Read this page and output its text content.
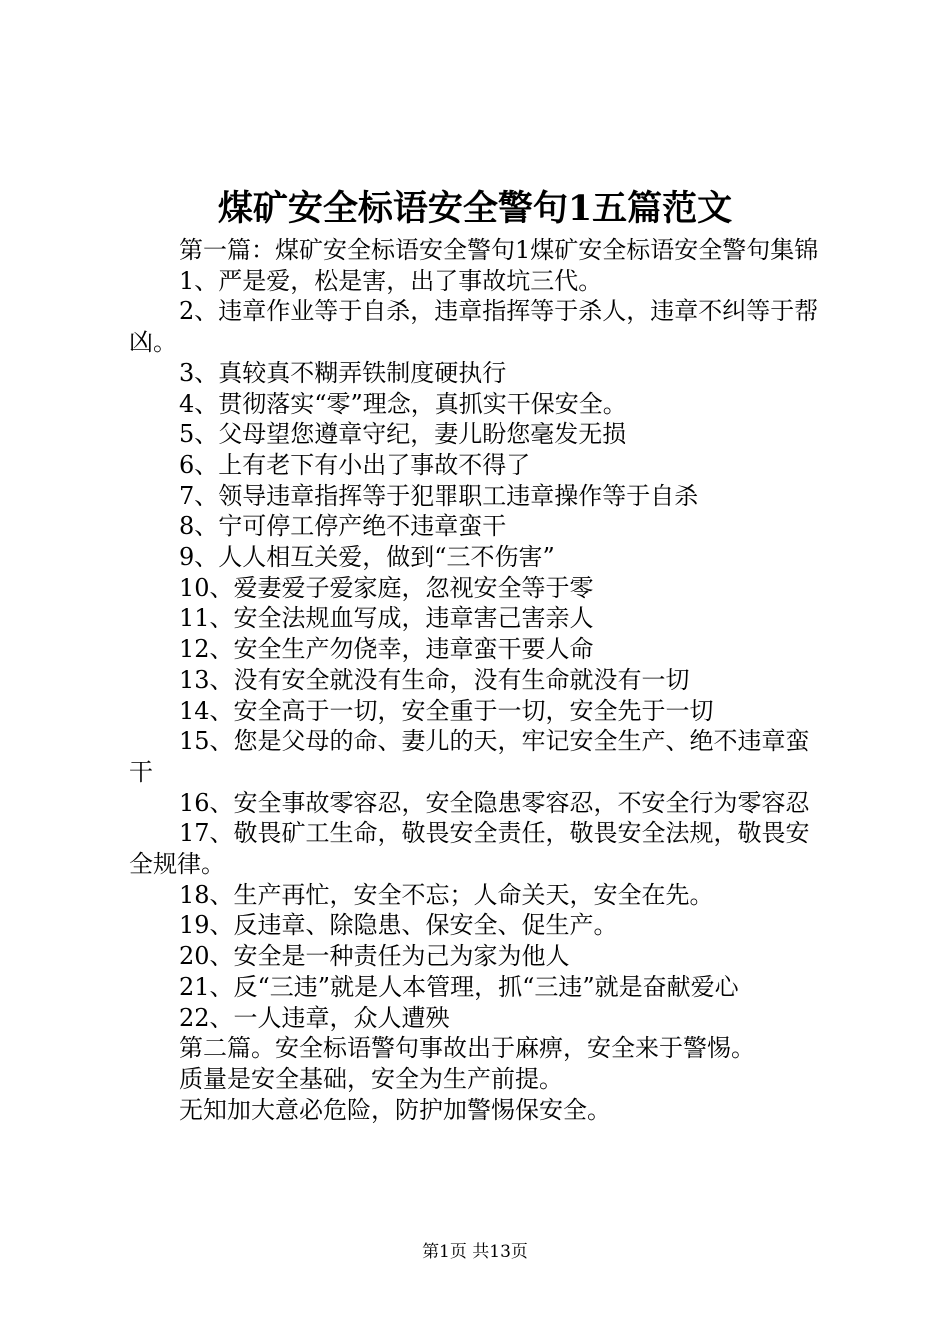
煤矿安全标语安全警句1五篇范文

第一篇：煤矿安全标语安全警句1煤矿安全标语安全警句集锦

1、严是爱，松是害，出了事故坑三代。

2、违章作业等于自杀，违章指挥等于杀人，违章不纠等于帮凶。

3、真较真不糊弄铁制度硬执行

4、贯彻落实“零”理念，真抓实干保安全。

5、父母望您遵章守纪，妻儿盼您毫发无损

6、上有老下有小出了事故不得了

7、领导违章指挥等于犯罪职工违章操作等于自杀

8、宁可停工停产绝不违章蛮干

9、人人相互关爱，做到“三不伤害”

10、爱妻爱子爱家庭，忽视安全等于零

11、安全法规血写成，违章害己害亲人

12、安全生产勿侥幸，违章蛮干要人命

13、没有安全就没有生命，没有生命就没有一切

14、安全高于一切，安全重于一切，安全先于一切

15、您是父母的命、妻儿的天，牢记安全生产、绝不违章蛮干

16、安全事故零容忍，安全隐患零容忍，不安全行为零容忍

17、敬畏矿工生命，敬畏安全责任，敬畏安全法规，敬畏安全规律。

18、生产再忙，安全不忘；人命关天，安全在先。

19、反违章、除隐患、保安全、促生产。

20、安全是一种责任为己为家为他人

21、反“三违”就是人本管理，抓“三违”就是奋献爱心

22、一人违章，众人遭殃

第二篇。安全标语警句事故出于麻痹，安全来于警惕。

质量是安全基础，安全为生产前提。

无知加大意必危险，防护加警惕保安全。

第1页 共13页
